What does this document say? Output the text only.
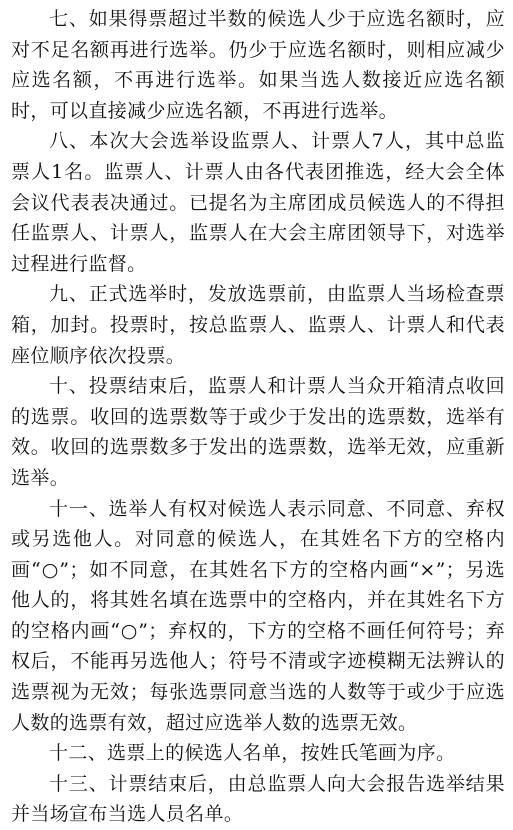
七、如果得票超过半数的候选人少于应选名额时，应对不足名额再进行选举。仍少于应选名额时，则相应减少应选名额，不再进行选举。如果当选人数接近应选名额时，可以直接减少应选名额，不再进行选举。

八、本次大会选举设监票人、计票人7人，其中总监票人1名。监票人、计票人由各代表团推选，经大会全体会议代表表决通过。已提名为主席团成员候选人的不得担任监票人、计票人，监票人在大会主席团领导下，对选举过程进行监督。

九、正式选举时，发放选票前，由监票人当场检查票箱，加封。投票时，按总监票人、监票人、计票人和代表座位顺序依次投票。

十、投票结束后，监票人和计票人当众开箱清点收回的选票。收回的选票数等于或少于发出的选票数，选举有效。收回的选票数多于发出的选票数，选举无效，应重新选举。

十一、选举人有权对候选人表示同意、不同意、弃权或另选他人。对同意的候选人，在其姓名下方的空格内画“○”；如不同意，在其姓名下方的空格内画“×”；另选他人的，将其姓名填在选票中的空格内，并在其姓名下方的空格内画“○”；弃权的，下方的空格不画任何符号；弃权后，不能再另选他人；符号不清或字迹模糊无法辨认的选票视为无效；每张选票同意当选的人数等于或少于应选人数的选票有效，超过应选举人数的选票无效。

十二、选票上的候选人名单，按姓氏笔画为序。

十三、计票结束后，由总监票人向大会报告选举结果并当场宣布当选人员名单。
